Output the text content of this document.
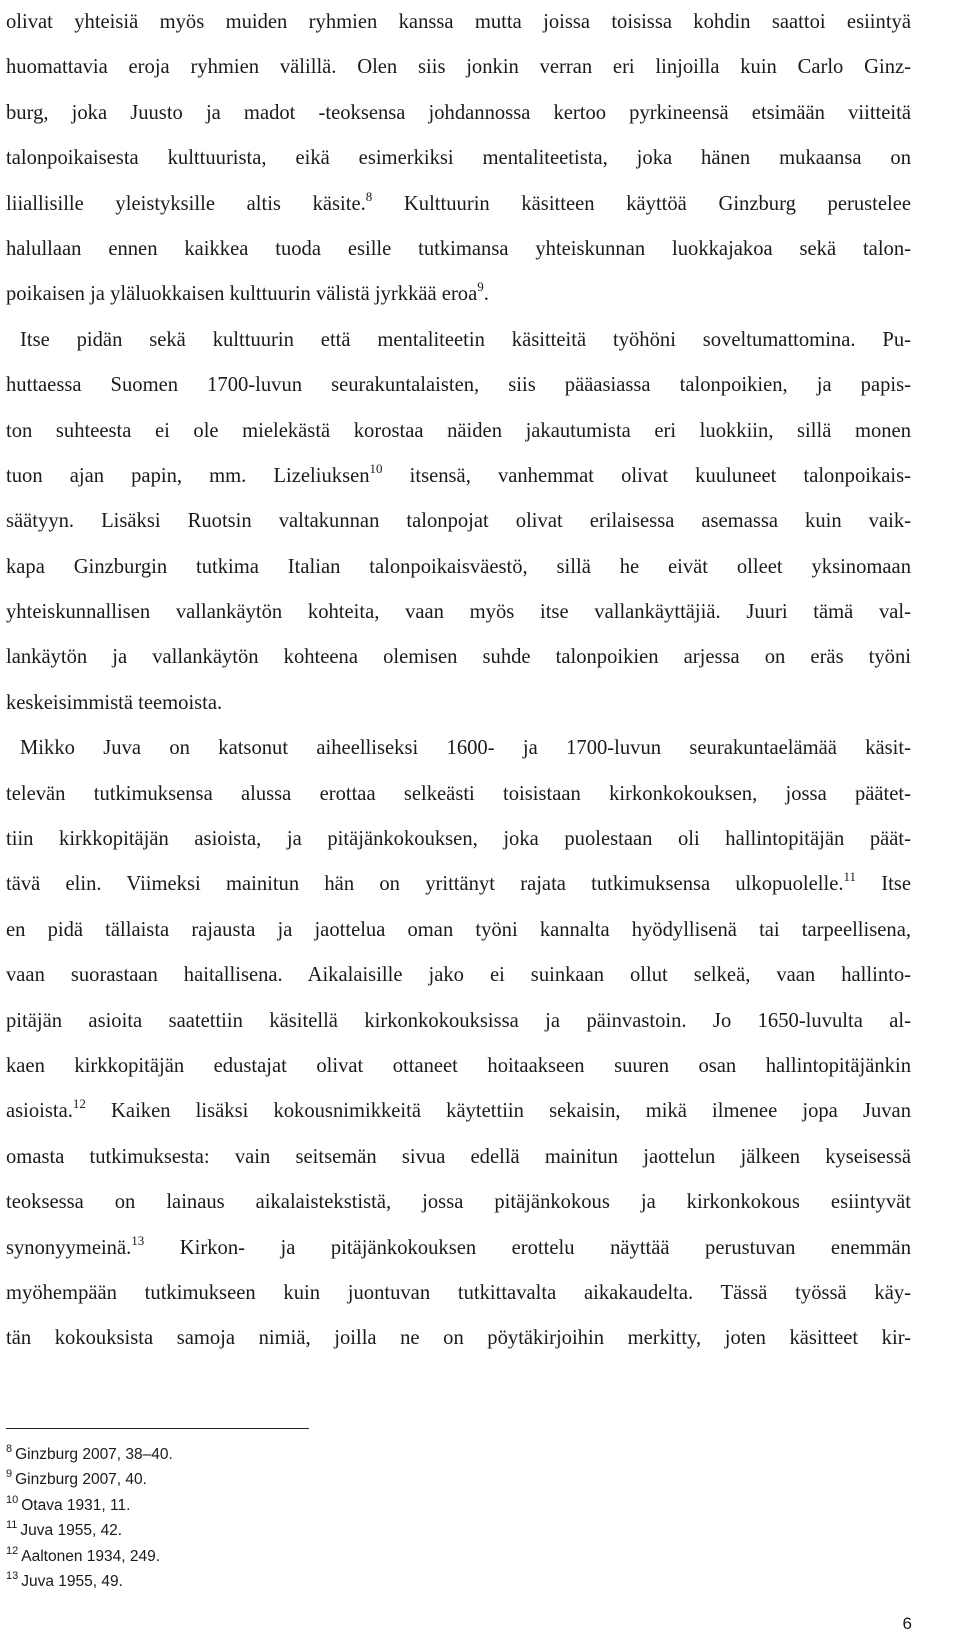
olivat yhteisiä myös muiden ryhmien kanssa mutta joissa toisissa kohdin saattoi esiintyä
huomattavia eroja ryhmien välillä. Olen siis jonkin verran eri linjoilla kuin Carlo Ginz-
burg, joka Juusto ja madot -teoksensa johdannossa kertoo pyrkineensä etsimään viitteitä
talonpoikaisesta kulttuurista, eikä esimerkiksi mentaliteetista, joka hänen mukaansa on
liiallisille yleistyksille altis käsite.$^8$ Kulttuurin käsitteen käyttöä Ginzburg perustelee
halullaan ennen kaikkea tuoda esille tutkimansa yhteiskunnan luokkajakoa sekä talon-
poikaisen ja yläluokkaisen kulttuurin välistä jyrkkää eroa$^9$.
Itse pidän sekä kulttuurin että mentaliteetin käsitteitä työhöni soveltumattomina. Pu-
huttaessa Suomen 1700-luvun seurakuntalaisten, siis pääasiassa talonpoikien, ja papis-
ton suhteesta ei ole mielekästä korostaa näiden jakautumista eri luokkiin, sillä monen
tuon ajan papin, mm. Lizeliuksen$^{10}$ itsensä, vanhemmat olivat kuuluneet talonpoikais-
säätyyn. Lisäksi Ruotsin valtakunnan talonpojat olivat erilaisessa asemassa kuin vaik-
kapa Ginzburgin tutkima Italian talonpoikaisväestö, sillä he eivät olleet yksinomaan
yhteiskunnallisen vallankäytön kohteita, vaan myös itse vallankäyttäjiä. Juuri tämä val-
lankäytön ja vallankäytön kohteena olemisen suhde talonpoikien arjessa on eräs työni
keskeisimmistä teemoista.
Mikko Juva on katsonut aiheelliseksi 1600- ja 1700-luvun seurakuntaelämää käsit-
televän tutkimuksensa alussa erottaa selkeästi toisistaan kirkonkokouksen, jossa päätet-
tiin kirkkopitäjän asioista, ja pitäjänkokouksen, joka puolestaan oli hallintopitäjän päät-
tävä elin. Viimeksi mainitun hän on yrittänyt rajata tutkimuksensa ulkopuolelle.$^{11}$ Itse
en pidä tällaista rajausta ja jaottelua oman työni kannalta hyödyllisenä tai tarpeellisena,
vaan suorastaan haitallisena. Aikalaisille jako ei suinkaan ollut selkeä, vaan hallinto-
pitäjän asioita saatettiin käsitellä kirkonkokouksissa ja päinvastoin. Jo 1650-luvulta al-
kaen kirkkopitäjän edustajat olivat ottaneet hoitaakseen suuren osan hallintopitäjänkin
asioista.$^{12}$ Kaiken lisäksi kokousnimikkeitä käytettiin sekaisin, mikä ilmenee jopa Juvan
omasta tutkimuksesta: vain seitsemän sivua edellä mainitun jaottelun jälkeen kyseisessä
teoksessa on lainaus aikalaistekstistä, jossa pitäjänkokous ja kirkonkokous esiintyvät
synonyymeinä.$^{13}$ Kirkon- ja pitäjänkokouksen erottelu näyttää perustuvan enemmän
myöhempään tutkimukseen kuin juontuvan tutkittavalta aikakaudelta. Tässä työssä käy-
tän kokouksista samoja nimiä, joilla ne on pöytäkirjoihin merkitty, joten käsitteet kir-
$^8$ Ginzburg 2007, 38–40.
$^9$ Ginzburg 2007, 40.
$^{10}$ Otava 1931, 11.
$^{11}$ Juva 1955, 42.
$^{12}$ Aaltonen 1934, 249.
$^{13}$ Juva 1955, 49.
6
